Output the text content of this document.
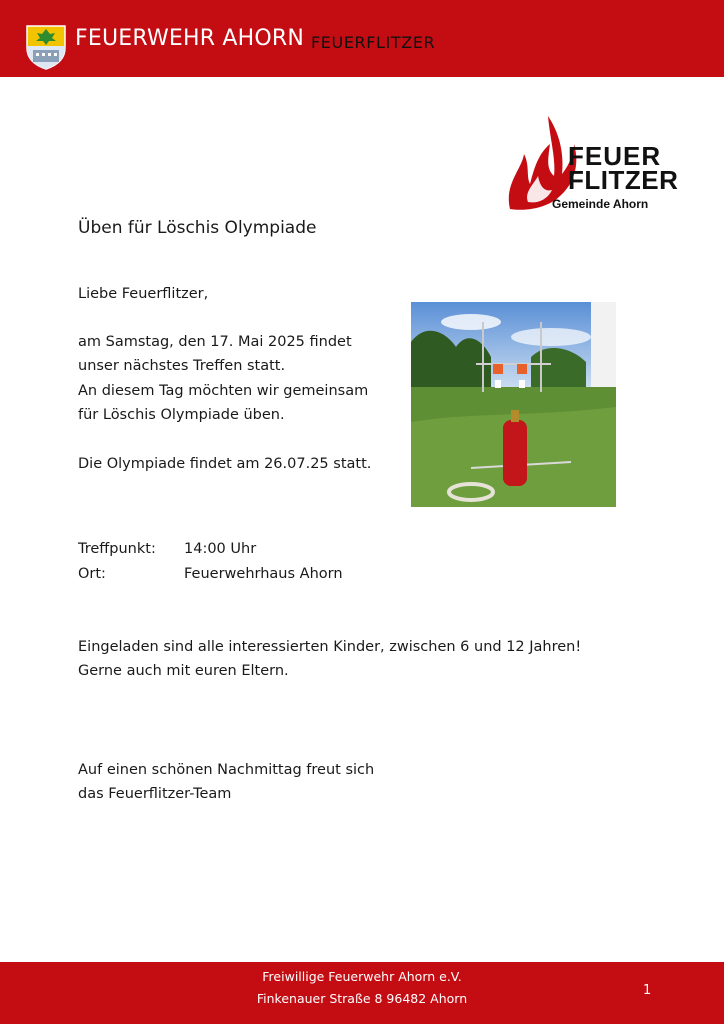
FEUERWEHR AHORN FEUERFLITZER
FEUER
FLITZER
Gemeinde Ahorn
Üben für Löschis Olympiade
Liebe Feuerflitzer,
am Samstag, den 17. Mai 2025 findet
unser nächstes Treffen statt.
An diesem Tag möchten wir gemeinsam
für Löschis Olympiade üben.
Die Olympiade findet am 26.07.25 statt.
Treffpunkt: 14:00 Uhr
Ort:	Feuerwehrhaus Ahorn
Eingeladen sind alle interessierten Kinder, zwischen 6 und 12 Jahren!
Gerne auch mit euren Eltern.
Auf einen schönen Nachmittag freut sich
das Feuerflitzer-Team
Freiwillige Feuerwehr Ahorn e.V.
Finkenauer Straße 8 96482 Ahorn
1
